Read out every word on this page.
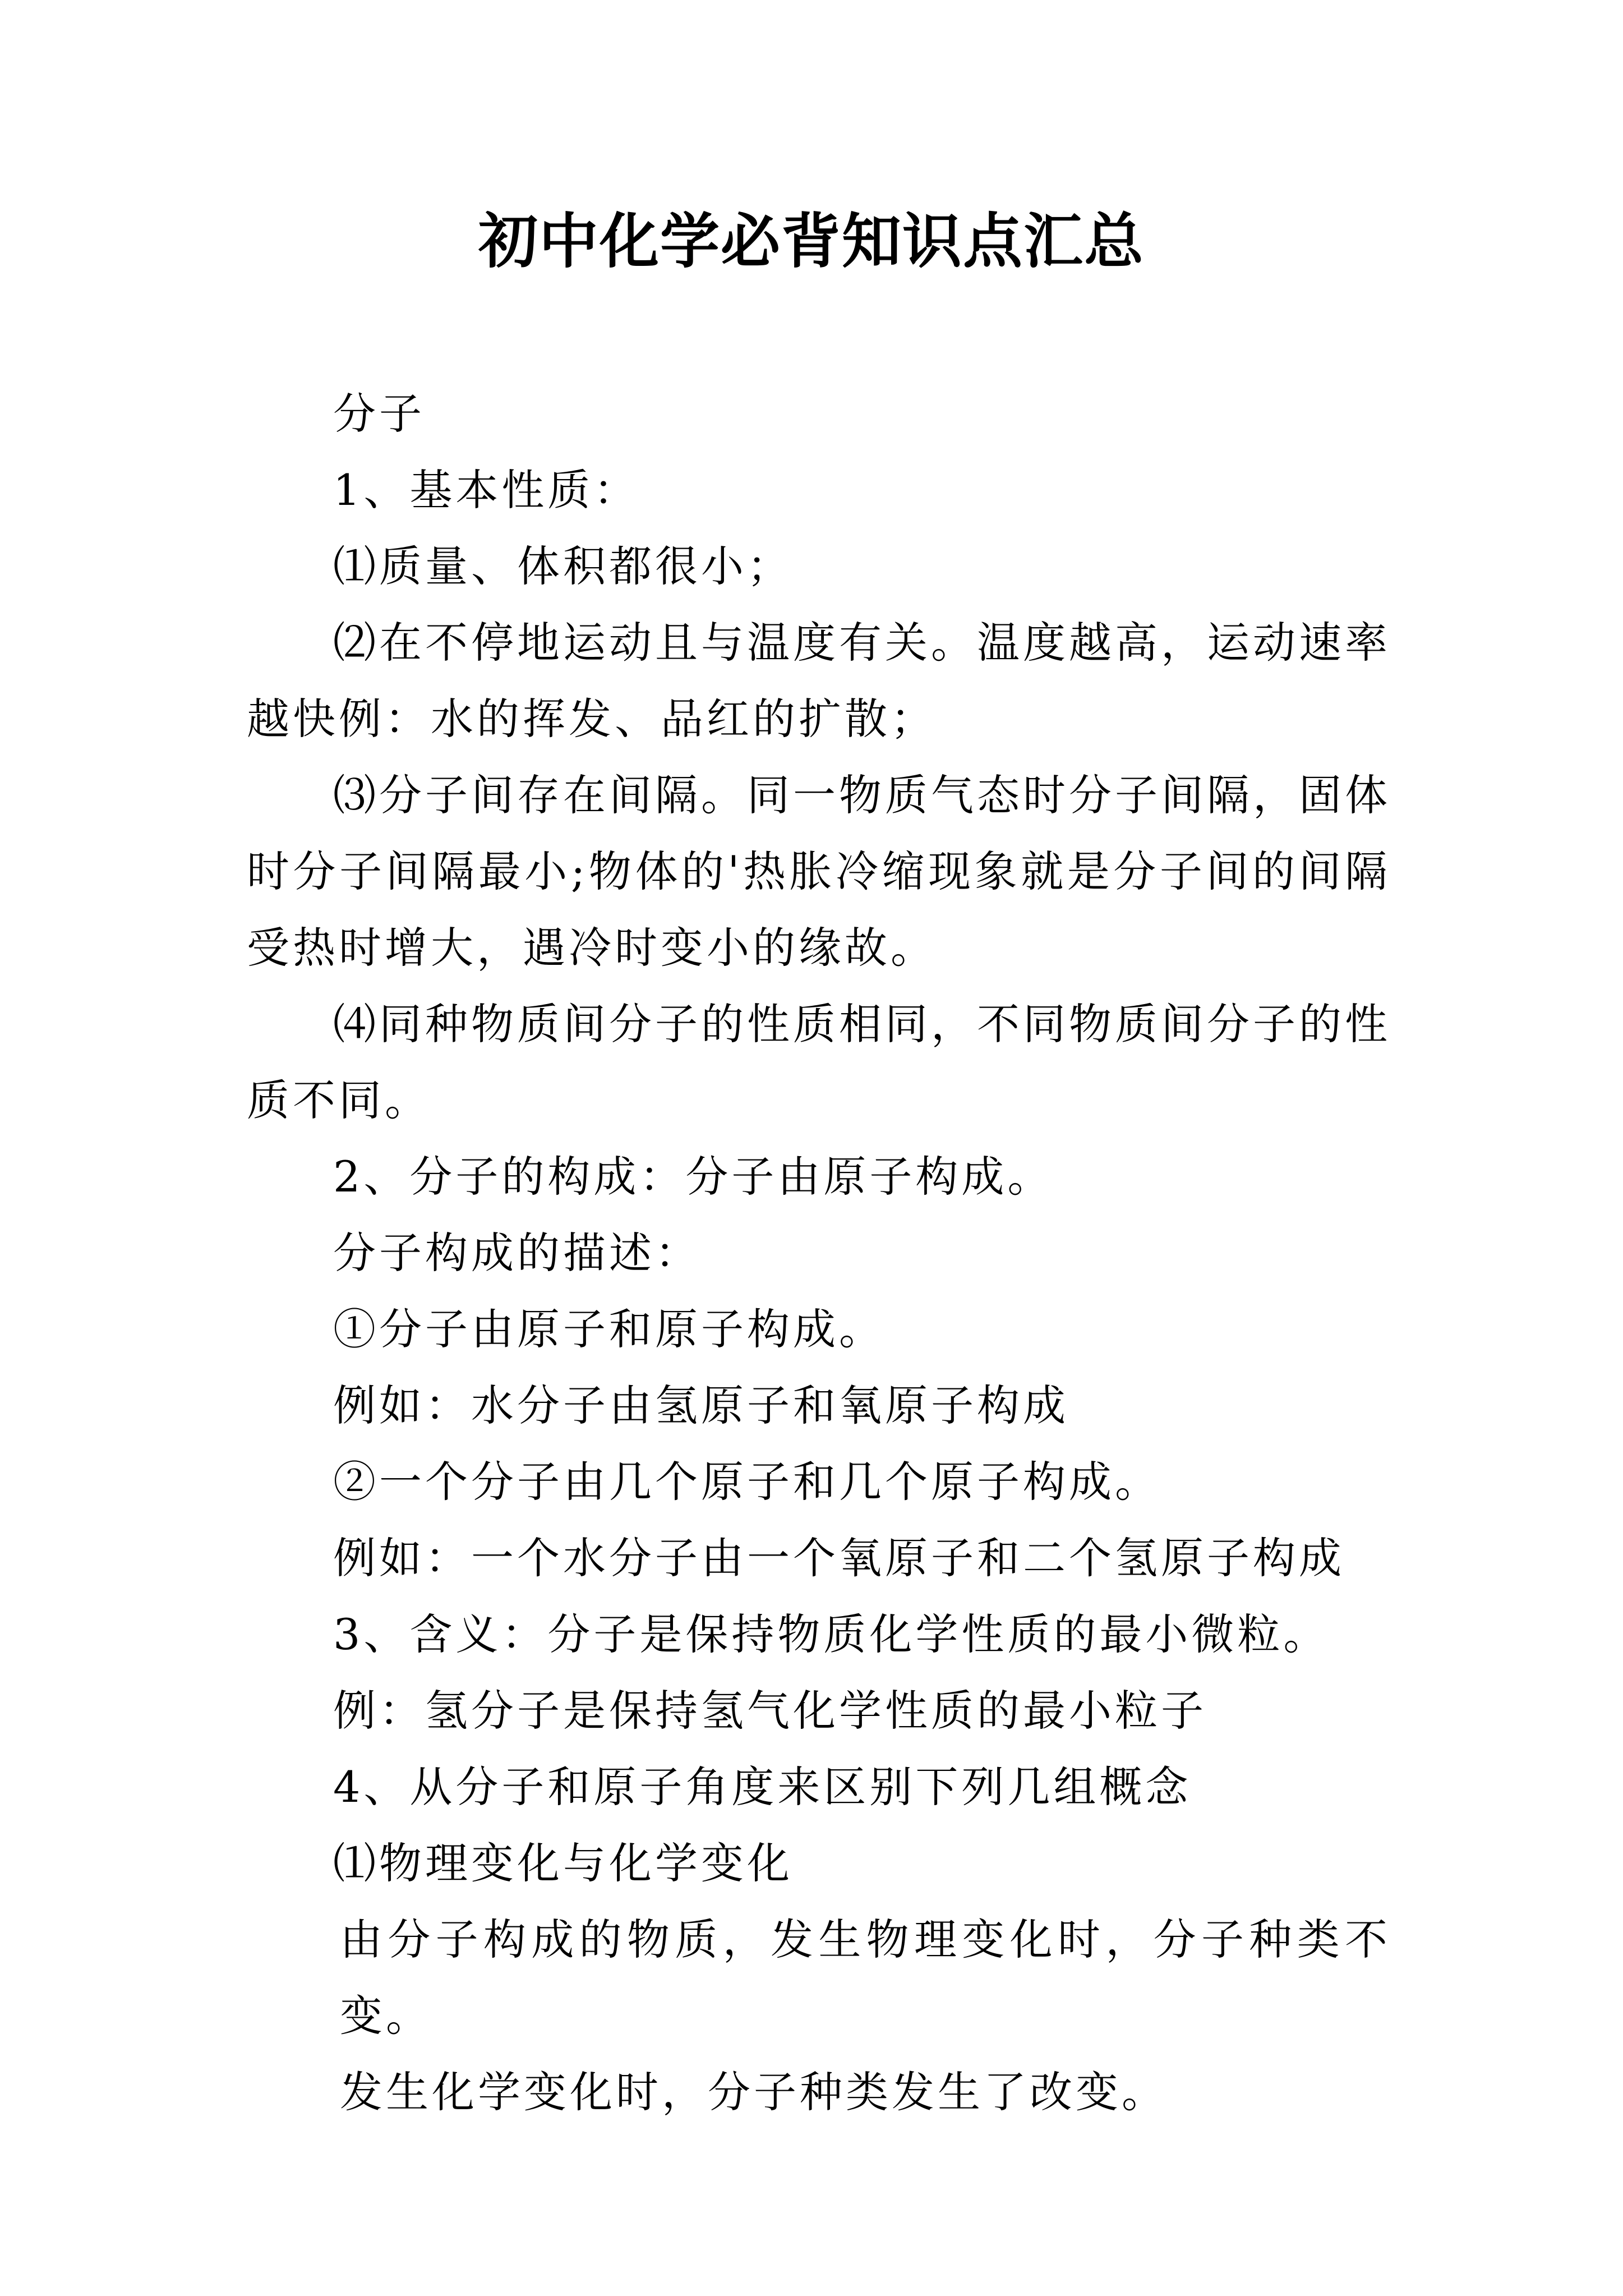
初中化学必背知识点汇总

分子

1、基本性质：

⑴质量、体积都很小；

⑵在不停地运动且与温度有关。温度越高，运动速率越快例：水的挥发、品红的扩散；

⑶分子间存在间隔。同一物质气态时分子间隔，固体时分子间隔最小;物体的'热胀冷缩现象就是分子间的间隔受热时增大，遇冷时变小的缘故。

⑷同种物质间分子的性质相同，不同物质间分子的性质不同。

2、分子的构成：分子由原子构成。

分子构成的描述：

①分子由原子和原子构成。

例如：水分子由氢原子和氧原子构成

②一个分子由几个原子和几个原子构成。

例如：一个水分子由一个氧原子和二个氢原子构成

3、含义：分子是保持物质化学性质的最小微粒。

例：氢分子是保持氢气化学性质的最小粒子

4、从分子和原子角度来区别下列几组概念

⑴物理变化与化学变化

由分子构成的物质，发生物理变化时，分子种类不变。

发生化学变化时，分子种类发生了改变。
